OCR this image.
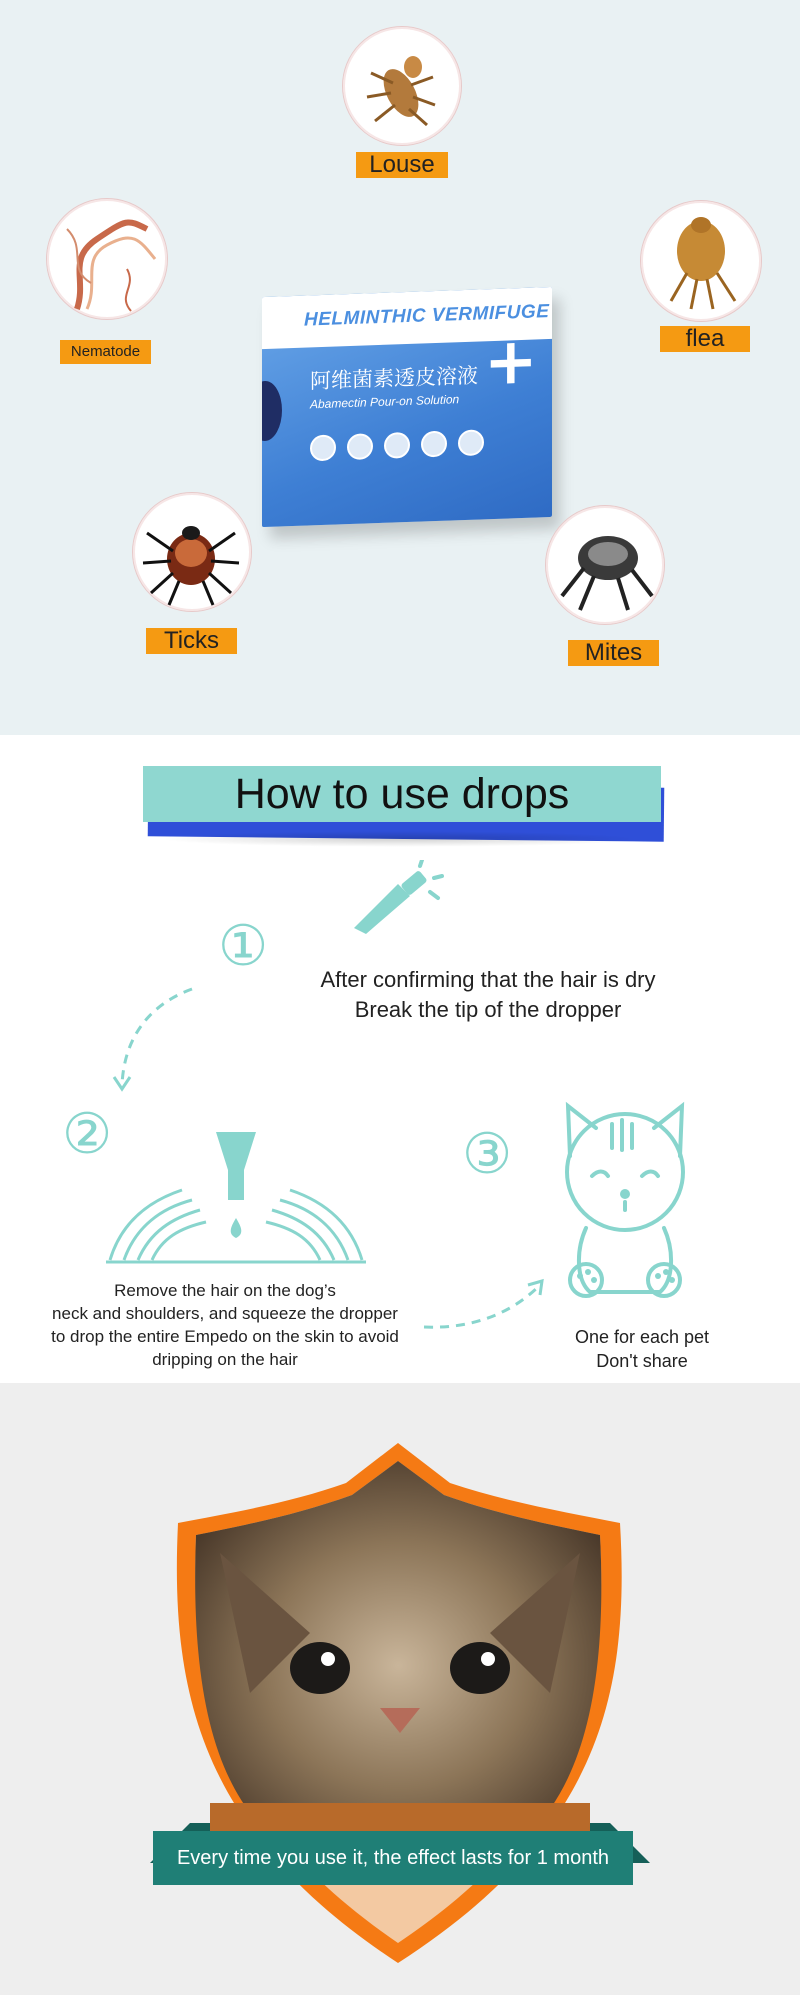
Louse
Nematode	flea
HELMINTHIC VERMIFUGE
+
阿维菌素透皮溶液
Abamectin Pour-on Solution
Ticks	Mites
How to use drops
①
After confirming that the hair is dry
Break the tip of the dropper
②
Remove the hair on the dog’s
neck and shoulders, and squeeze the dropper
to drop the entire Empedo on the skin to avoid
dripping on the hair
③
One for each pet
Don't share
Every time you use it, the effect lasts for 1 month
